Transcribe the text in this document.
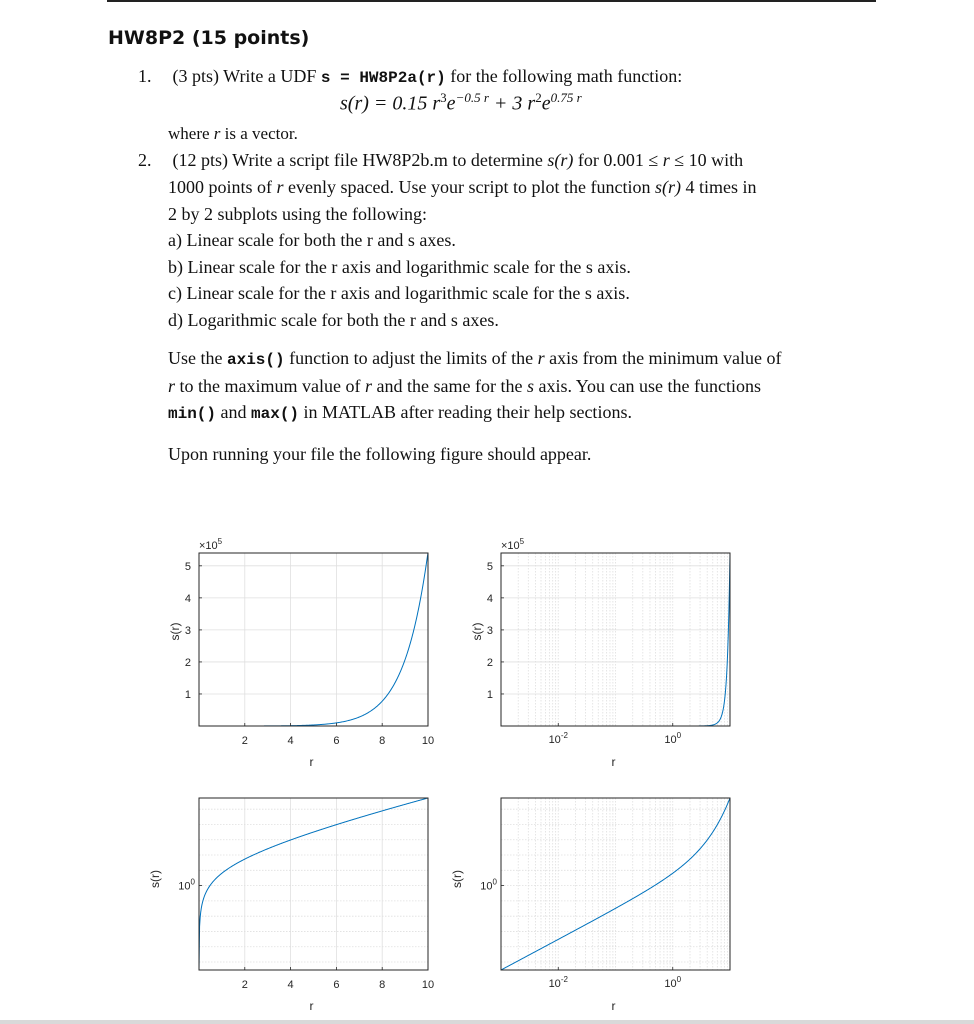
HW8P2 (15 points)
1. (3 pts) Write a UDF s = HW8P2a(r) for the following math function:
s(r) = 0.15 $r^3e^{-0.5 r} + 3$ $r^2e^{0.75 r}$
where r is a vector.
2. (12 pts) Write a script file HW8P2b.m to determine s(r) for 0.001 ≤ r ≤ 10 with
1000 points of r evenly spaced. Use your script to plot the function s(r) 4 times in
2 by 2 subplots using the following:
a) Linear scale for both the r and s axes.
b) Linear scale for the r axis and logarithmic scale for the s axis.
c) Linear scale for the r axis and logarithmic scale for the s axis.
d) Logarithmic scale for both the r and s axes.
Use the axis() function to adjust the limits of the r axis from the minimum value of
r to the maximum value of r and the same for the s axis. You can use the functions
min() and max() in MATLAB after reading their help sections.
Upon running your file the following figure should appear.
2	4	6	8	10
1
2
3
4
5
$\times 10^5$
r
s(r)
$10^{-2}$	$10^0$
1
2
3
4
5
$\times 10^5$
r
s(r)
2	4	6	8	10
$10^0$
r
s(r)
$10^{-2}$	$10^0$
$10^0$
r
s(r)
